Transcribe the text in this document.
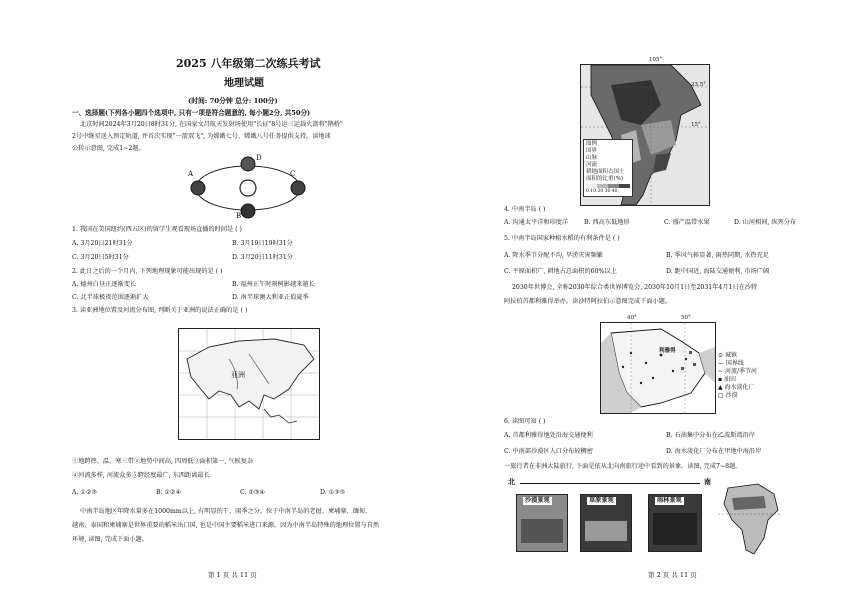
2025 八年级第二次练兵考试
地理试题
(时间: 70分钟 总分: 100分)
一、选择题(下列各小题四个选项中, 只有一项是符合题意的, 每小题2分, 共50分)
北京时间2024年3月20日8时31分, 在国家文昌航天发射场使用"长征"8号运三运载火箭将"鹊桥"
2号中继星送入预定轨道, 并首次实现"一箭双飞", 为嫦娥七号、嫦娥八号任务提供支持。读地球
公转示意图, 完成1~2题。
D
C
B
A
1. 我国在美国纽约(西五区)的留学生观看现场直播的时间是 ( )
A. 3月20日21时31分	B. 3月19日19时31分
C. 3月20日5时31分	D. 3月20日11时31分
2. 此日之后的一个月内, 下列地理现象可能出现的是 ( )
A. 德州白昼正逐渐变长	B. 福州正午时刻树影越来越长
C. 北半球极夜范围逐渐扩大	D. 南半球澳大利亚正值夏季
3. 读亚洲地位置及河流分布图, 判断关于亚洲的说法正确的是 ( )
亚洲
①地跨热、温、寒三带②地势中间高, 四周低③面积第一, 气候复杂
④河流多样, 河流众多⑤跨经度最广, 东西距离最长
A. ①②③	B. ①②④	C. ②③④	D. ①③⑤
中南半岛地区年降水量多在1000mm以上, 有明显的干、雨季之分。位于中南半岛的老挝、柬埔寨、缅甸、
越南、泰国和柬埔寨是世界重要的稻米出口国, 也是中国主要稻米进口来源。因为中南半岛特殊的地理位置与自然
环境, 读图, 完成下面小题。
第 1 页 共 11 页
105°
23.5°
15°
图例
国界
山脉
河流
耕地面积占国土
面积的比重(%)
0 10 20 30 40
4. 中南半岛 ( )
A. 沟通太平洋和印度洋	B. 西高东低地形	C. 盛产温带水果	D. 山河相间, 纵列分布
5. 中南半岛国家种植水稻的有利条件是 ( )
A. 降水季节分配不均, 旱涝灾害频繁	B. 季风气候显著, 雨热同期, 水热充足
C. 平原面积广, 耕地占总面积的60%以上	D. 距中国近, 海陆交通便利, 市场广阔
2030年世博会, 全称2030年综合类世界博览会, 2030年10月1日至2031年4月1日在沙特
阿拉伯首都利雅得举办。读沙特阿拉伯示意图完成下面小题。
40°	50°
利雅得
⊙ 城镇
— 国界线
~ 河流/季节河
▪ 油田
▲ 海水淡化厂
□ 沙漠
6. 读图可知 ( )
A. 首都利雅得地处沿海交通便利	B. 石油集中分布在乙波斯湾沿岸
C. 中南部沙漠区人口分布较稠密	D. 海水淡化厂分布在甲地中海沿岸
一旅行者在非洲大陆旅行, 下面是依从北向南旅行途中看到的景象。读图, 完成7~8题。
北	南
沙漠景观	草原景观	雨林景观
第 2 页 共 11 页
